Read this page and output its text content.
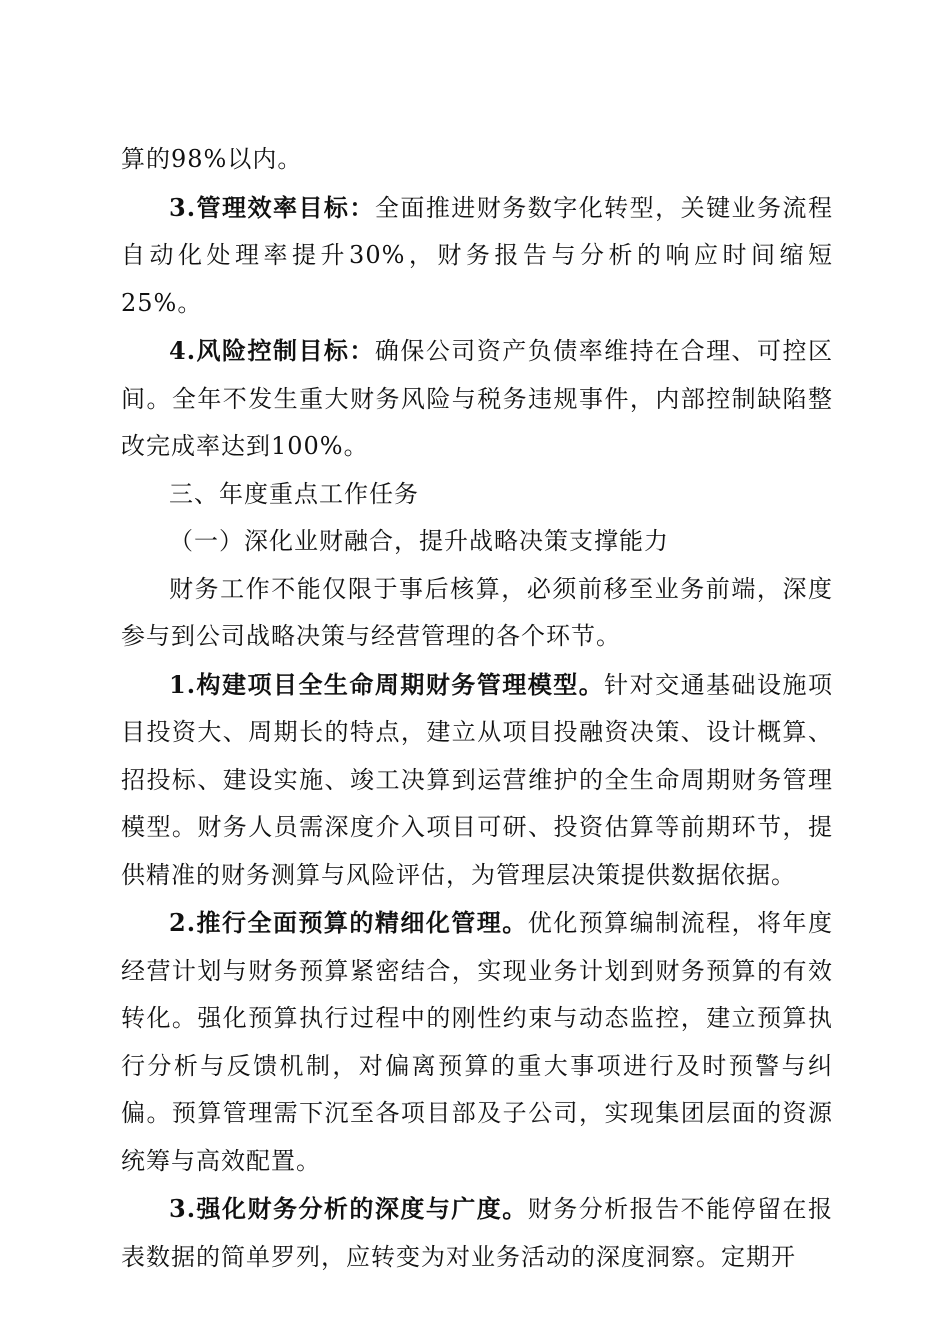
算的98%以内。

3.管理效率目标：全面推进财务数字化转型，关键业务流程自动化处理率提升30%，财务报告与分析的响应时间缩短25%。

4.风险控制目标：确保公司资产负债率维持在合理、可控区间。全年不发生重大财务风险与税务违规事件，内部控制缺陷整改完成率达到100%。

三、年度重点工作任务

（一）深化业财融合，提升战略决策支撑能力

财务工作不能仅限于事后核算，必须前移至业务前端，深度参与到公司战略决策与经营管理的各个环节。

1.构建项目全生命周期财务管理模型。针对交通基础设施项目投资大、周期长的特点，建立从项目投融资决策、设计概算、招投标、建设实施、竣工决算到运营维护的全生命周期财务管理模型。财务人员需深度介入项目可研、投资估算等前期环节，提供精准的财务测算与风险评估，为管理层决策提供数据依据。

2.推行全面预算的精细化管理。优化预算编制流程，将年度经营计划与财务预算紧密结合，实现业务计划到财务预算的有效转化。强化预算执行过程中的刚性约束与动态监控，建立预算执行分析与反馈机制，对偏离预算的重大事项进行及时预警与纠偏。预算管理需下沉至各项目部及子公司，实现集团层面的资源统筹与高效配置。

3.强化财务分析的深度与广度。财务分析报告不能停留在报表数据的简单罗列，应转变为对业务活动的深度洞察。定期开
